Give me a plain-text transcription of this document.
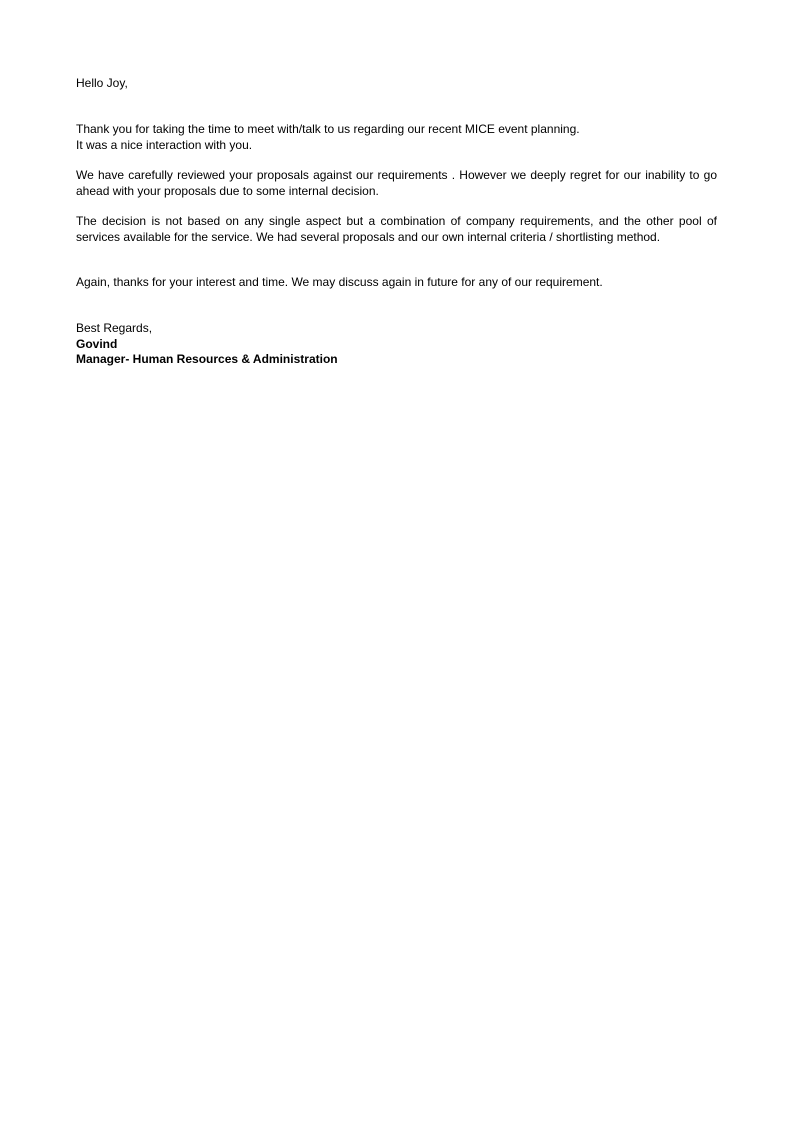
Hello Joy,

Thank you for taking the time to meet with/talk to us regarding our recent MICE event planning.

It was a nice interaction with you.

We have carefully reviewed your proposals against our requirements . However we deeply regret for our inability to go ahead with your proposals due to some internal decision.

The decision is not based on any single aspect but a combination of company requirements, and the other pool of services available for the service. We had several proposals and our own internal criteria / shortlisting method.

Again, thanks for your interest and time. We may discuss again in future for any of our requirement.

Best Regards,

Govind

Manager- Human Resources & Administration
